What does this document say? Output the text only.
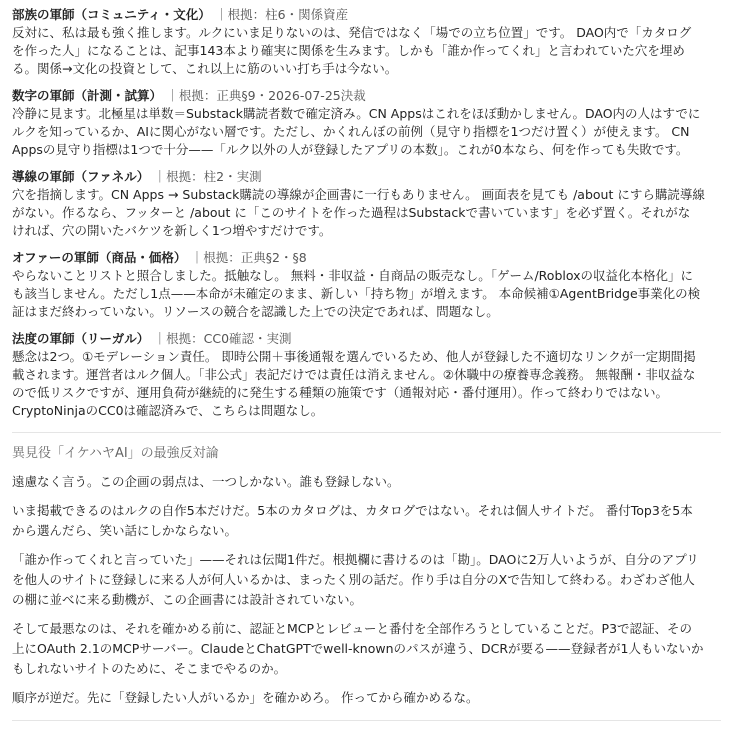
部族の軍師（コミュニティ・文化） ｜根拠：柱6・関係資産
反対に、私は最も強く推します。ルクにいま足りないのは、発信ではなく「場での立ち位置」です。 DAO内で「カタログ
を作った人」になることは、記事143本より確実に関係を生みます。しかも「誰か作ってくれ」と言われていた穴を埋め
る。関係→文化の投資として、これ以上に筋のいい打ち手は今ない。
数字の軍師（計測・試算） ｜根拠：正典§9・2026-07-25決裁
冷静に見ます。北極星は単数＝Substack購読者数で確定済み。CN Appsはこれをほぼ動かしません。DAO内の人はすでに
ルクを知っているか、AIに関心がない層です。ただし、かくれんぼの前例（見守り指標を1つだけ置く）が使えます。 CN
Appsの見守り指標は1つで十分——「ルク以外の人が登録したアプリの本数」。これが0本なら、何を作っても失敗です。
導線の軍師（ファネル） ｜根拠：柱2・実測
穴を指摘します。CN Apps → Substack購読の導線が企画書に一行もありません。 画面表を見ても /about にすら購読導線
がない。作るなら、フッターと /about に「このサイトを作った過程はSubstackで書いています」を必ず置く。それがな
ければ、穴の開いたバケツを新しく1つ増やすだけです。
オファーの軍師（商品・価格） ｜根拠：正典§2・§8
やらないことリストと照合しました。抵触なし。 無料・非収益・自商品の販売なし。「ゲーム/Robloxの収益化本格化」に
も該当しません。ただし1点——本命が未確定のまま、新しい「持ち物」が増えます。 本命候補①AgentBridge事業化の検
証はまだ終わっていない。リソースの競合を認識した上での決定であれば、問題なし。
法度の軍師（リーガル） ｜根拠：CC0確認・実測
懸念は2つ。①モデレーション責任。 即時公開＋事後通報を選んでいるため、他人が登録した不適切なリンクが一定期間掲
載されます。運営者はルク個人。「非公式」表記だけでは責任は消えません。②休職中の療養専念義務。 無報酬・非収益な
ので低リスクですが、運用負荷が継続的に発生する種類の施策です（通報対応・番付運用）。作って終わりではない。
CryptoNinjaのCC0は確認済みで、こちらは問題なし。
異見役「イケハヤAI」の最強反対論
遠慮なく言う。この企画の弱点は、一つしかない。誰も登録しない。
いま掲載できるのはルクの自作5本だけだ。5本のカタログは、カタログではない。それは個人サイトだ。 番付Top3を5本
から選んだら、笑い話にしかならない。
「誰か作ってくれと言っていた」——それは伝聞1件だ。根拠欄に書けるのは「勘」。DAOに2万人いようが、自分のアプリ
を他人のサイトに登録しに来る人が何人いるかは、まったく別の話だ。作り手は自分のXで告知して終わる。わざわざ他人
の棚に並べに来る動機が、この企画書には設計されていない。
そして最悪なのは、それを確かめる前に、認証とMCPとレビューと番付を全部作ろうとしていることだ。P3で認証、その
上にOAuth 2.1のMCPサーバー。ClaudeとChatGPTでwell-knownのパスが違う、DCRが要る——登録者が1人もいないか
もしれないサイトのために、そこまでやるのか。
順序が逆だ。先に「登録したい人がいるか」を確かめろ。 作ってから確かめるな。
